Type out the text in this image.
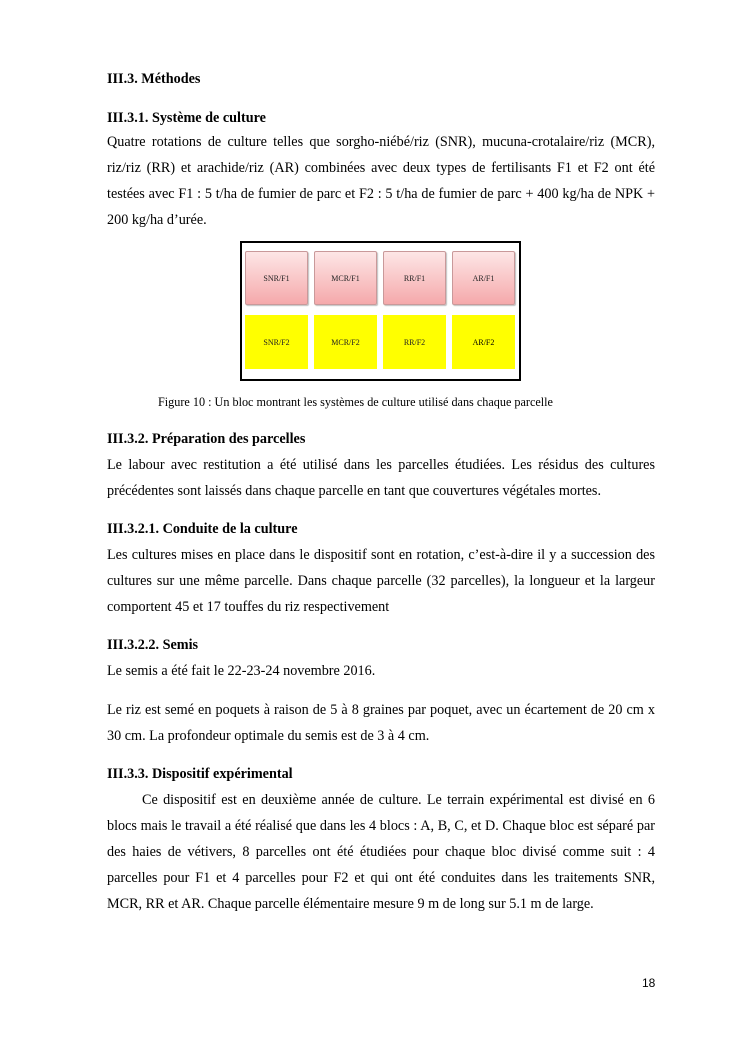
III.3. Méthodes
III.3.1. Système de culture
Quatre rotations de culture telles que sorgho-niébé/riz (SNR), mucuna-crotalaire/riz (MCR), riz/riz (RR) et arachide/riz (AR) combinées avec deux types de fertilisants F1 et F2 ont été testées avec F1 : 5 t/ha de fumier de parc et F2 : 5 t/ha de fumier de parc + 400 kg/ha de NPK + 200 kg/ha d’urée.
SNR/F1	MCR/F1	RR/F1	AR/F1
SNR/F2	MCR/F2	RR/F2	AR/F2
Figure 10 : Un bloc montrant les systèmes de culture utilisé dans chaque parcelle
III.3.2. Préparation des parcelles
Le labour avec restitution a été utilisé dans les parcelles étudiées. Les résidus des cultures précédentes sont laissés dans chaque parcelle en tant que couvertures végétales mortes.
III.3.2.1. Conduite de la culture
Les cultures mises en place dans le dispositif sont en rotation, c’est-à-dire il y a succession des cultures sur une même parcelle. Dans chaque parcelle (32 parcelles), la longueur et la largeur comportent 45 et 17 touffes du riz respectivement
III.3.2.2. Semis
Le semis a été fait le 22-23-24 novembre 2016.
Le riz est semé en poquets à raison de 5 à 8 graines par poquet, avec un écartement de 20 cm x 30 cm. La profondeur optimale du semis est de 3 à 4 cm.
III.3.3. Dispositif expérimental
Ce dispositif est en deuxième année de culture. Le terrain expérimental est divisé en 6 blocs mais le travail a été réalisé que dans les 4 blocs : A, B, C, et D. Chaque bloc est séparé par des haies de vétivers, 8 parcelles ont été étudiées pour chaque bloc divisé comme suit : 4 parcelles pour F1 et 4 parcelles pour F2 et qui ont été conduites dans les traitements SNR, MCR, RR et AR. Chaque parcelle élémentaire mesure 9 m de long sur 5.1 m de large.
18
